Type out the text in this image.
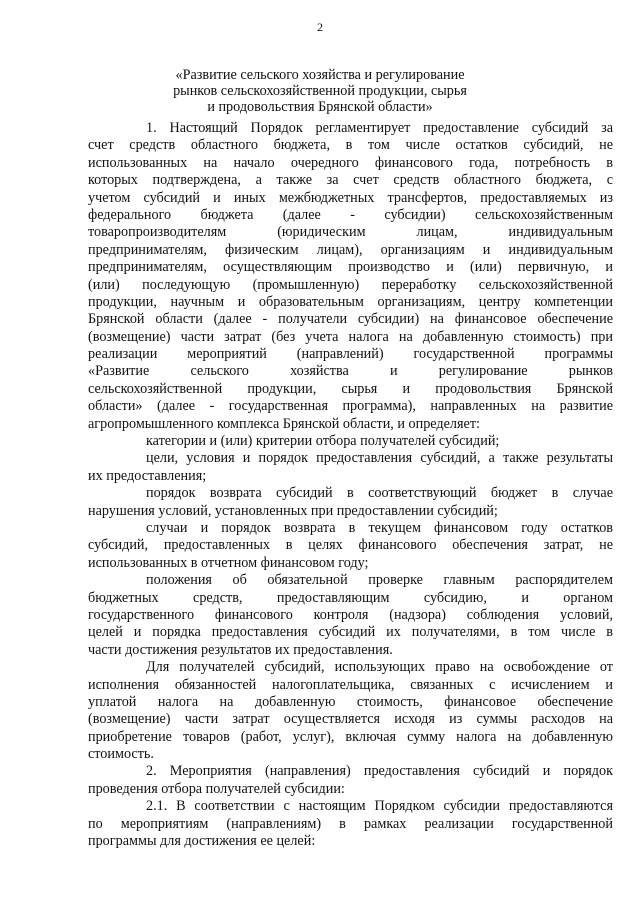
2
«Развитие сельского хозяйства и регулирование
рынков сельскохозяйственной продукции, сырья
и продовольствия Брянской области»
1. Настоящий Порядок регламентирует предоставление субсидий за
счет средств областного бюджета, в том числе остатков субсидий, не
использованных на начало очередного финансового года, потребность в
которых подтверждена, а также за счет средств областного бюджета, с
учетом субсидий и иных межбюджетных трансфертов, предоставляемых из
федерального бюджета (далее - субсидии) сельскохозяйственным
товаропроизводителям (юридическим лицам, индивидуальным
предпринимателям, физическим лицам), организациям и индивидуальным
предпринимателям, осуществляющим производство и (или) первичную, и
(или) последующую (промышленную) переработку сельскохозяйственной
продукции, научным и образовательным организациям, центру компетенции
Брянской области (далее - получатели субсидии) на финансовое обеспечение
(возмещение) части затрат (без учета налога на добавленную стоимость) при
реализации мероприятий (направлений) государственной программы
«Развитие сельского хозяйства и регулирование рынков
сельскохозяйственной продукции, сырья и продовольствия Брянской
области» (далее - государственная программа), направленных на развитие
агропромышленного комплекса Брянской области, и определяет:
категории и (или) критерии отбора получателей субсидий;
цели, условия и порядок предоставления субсидий, а также результаты
их предоставления;
порядок возврата субсидий в соответствующий бюджет в случае
нарушения условий, установленных при предоставлении субсидий;
случаи и порядок возврата в текущем финансовом году остатков
субсидий, предоставленных в целях финансового обеспечения затрат, не
использованных в отчетном финансовом году;
положения об обязательной проверке главным распорядителем
бюджетных средств, предоставляющим субсидию, и органом
государственного финансового контроля (надзора) соблюдения условий,
целей и порядка предоставления субсидий их получателями, в том числе в
части достижения результатов их предоставления.
Для получателей субсидий, использующих право на освобождение от
исполнения обязанностей налогоплательщика, связанных с исчислением и
уплатой налога на добавленную стоимость, финансовое обеспечение
(возмещение) части затрат осуществляется исходя из суммы расходов на
приобретение товаров (работ, услуг), включая сумму налога на добавленную
стоимость.
2. Мероприятия (направления) предоставления субсидий и порядок
проведения отбора получателей субсидии:
2.1. В соответствии с настоящим Порядком субсидии предоставляются
по мероприятиям (направлениям) в рамках реализации государственной
программы для достижения ее целей:
